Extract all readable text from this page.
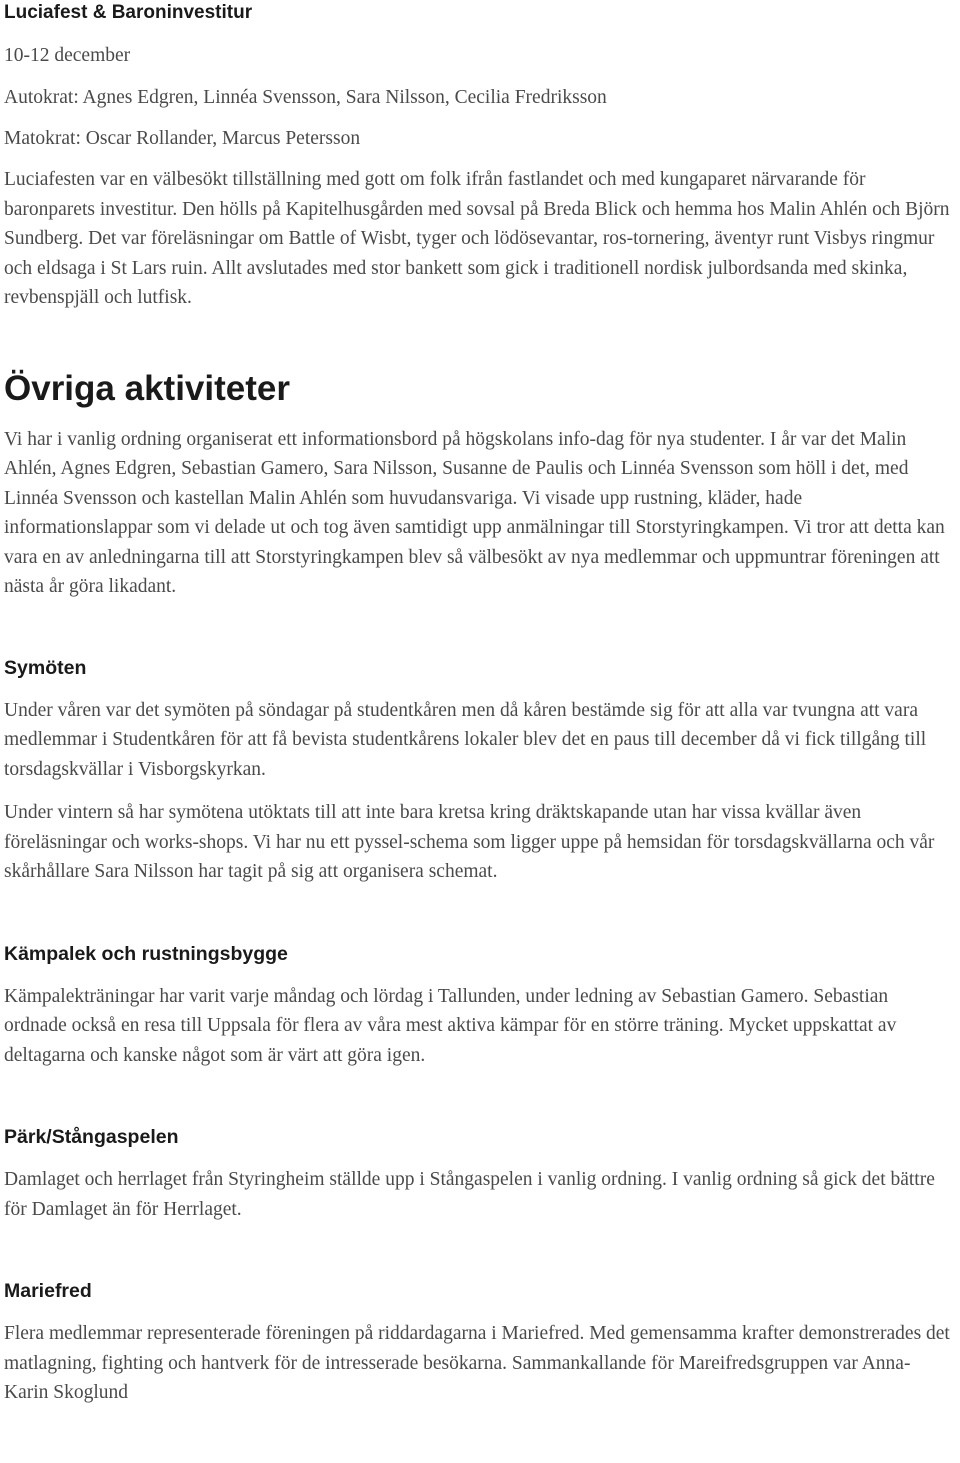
Luciafest & Baroninvestitur

10-12 december

Autokrat: Agnes Edgren, Linnéa Svensson, Sara Nilsson, Cecilia Fredriksson

Matokrat: Oscar Rollander, Marcus Petersson

Luciafesten var en välbesökt tillställning med gott om folk ifrån fastlandet och med kungaparet närvarande för baronparets investitur. Den hölls på Kapitelhusgården med sovsal på Breda Blick och hemma hos Malin Ahlén och Björn Sundberg. Det var föreläsningar om Battle of Wisbt, tyger och lödösevantar, ros-tornering, äventyr runt Visbys ringmur och eldsaga i St Lars ruin. Allt avslutades med stor bankett som gick i traditionell nordisk julbordsanda med skinka, revbenspjäll och lutfisk.

Övriga aktiviteter

Vi har i vanlig ordning organiserat ett informationsbord på högskolans info-dag för nya studenter. I år var det Malin Ahlén, Agnes Edgren, Sebastian Gamero, Sara Nilsson, Susanne de Paulis och Linnéa Svensson som höll i det, med Linnéa Svensson och kastellan Malin Ahlén som huvudansvariga. Vi visade upp rustning, kläder, hade informationslappar som vi delade ut och tog även samtidigt upp anmälningar till Storstyringkampen. Vi tror att detta kan vara en av anledningarna till att Storstyringkampen blev så välbesökt av nya medlemmar och uppmuntrar föreningen att nästa år göra likadant.

Symöten

Under våren var det symöten på söndagar på studentkåren men då kåren bestämde sig för att alla var tvungna att vara medlemmar i Studentkåren för att få bevista studentkårens lokaler blev det en paus till december då vi fick tillgång till torsdagskvällar i Visborgskyrkan.

Under vintern så har symötena utöktats till att inte bara kretsa kring dräktskapande utan har vissa kvällar även föreläsningar och works-shops. Vi har nu ett pyssel-schema som ligger uppe på hemsidan för torsdagskvällarna och vår skårhållare Sara Nilsson har tagit på sig att organisera schemat.

Kämpalek och rustningsbygge

Kämpalekträningar har varit varje måndag och lördag i Tallunden, under ledning av Sebastian Gamero. Sebastian ordnade också en resa till Uppsala för flera av våra mest aktiva kämpar för en större träning. Mycket uppskattat av deltagarna och kanske något som är värt att göra igen.

Pärk/Stångaspelen

Damlaget och herrlaget från Styringheim ställde upp i Stångaspelen i vanlig ordning. I vanlig ordning så gick det bättre för Damlaget än för Herrlaget.

Mariefred

Flera medlemmar representerade föreningen på riddardagarna i Mariefred. Med gemensamma krafter demonstrerades det matlagning, fighting och hantverk för de intresserade besökarna. Sammankallande för Mareifredsgruppen var Anna-Karin Skoglund
